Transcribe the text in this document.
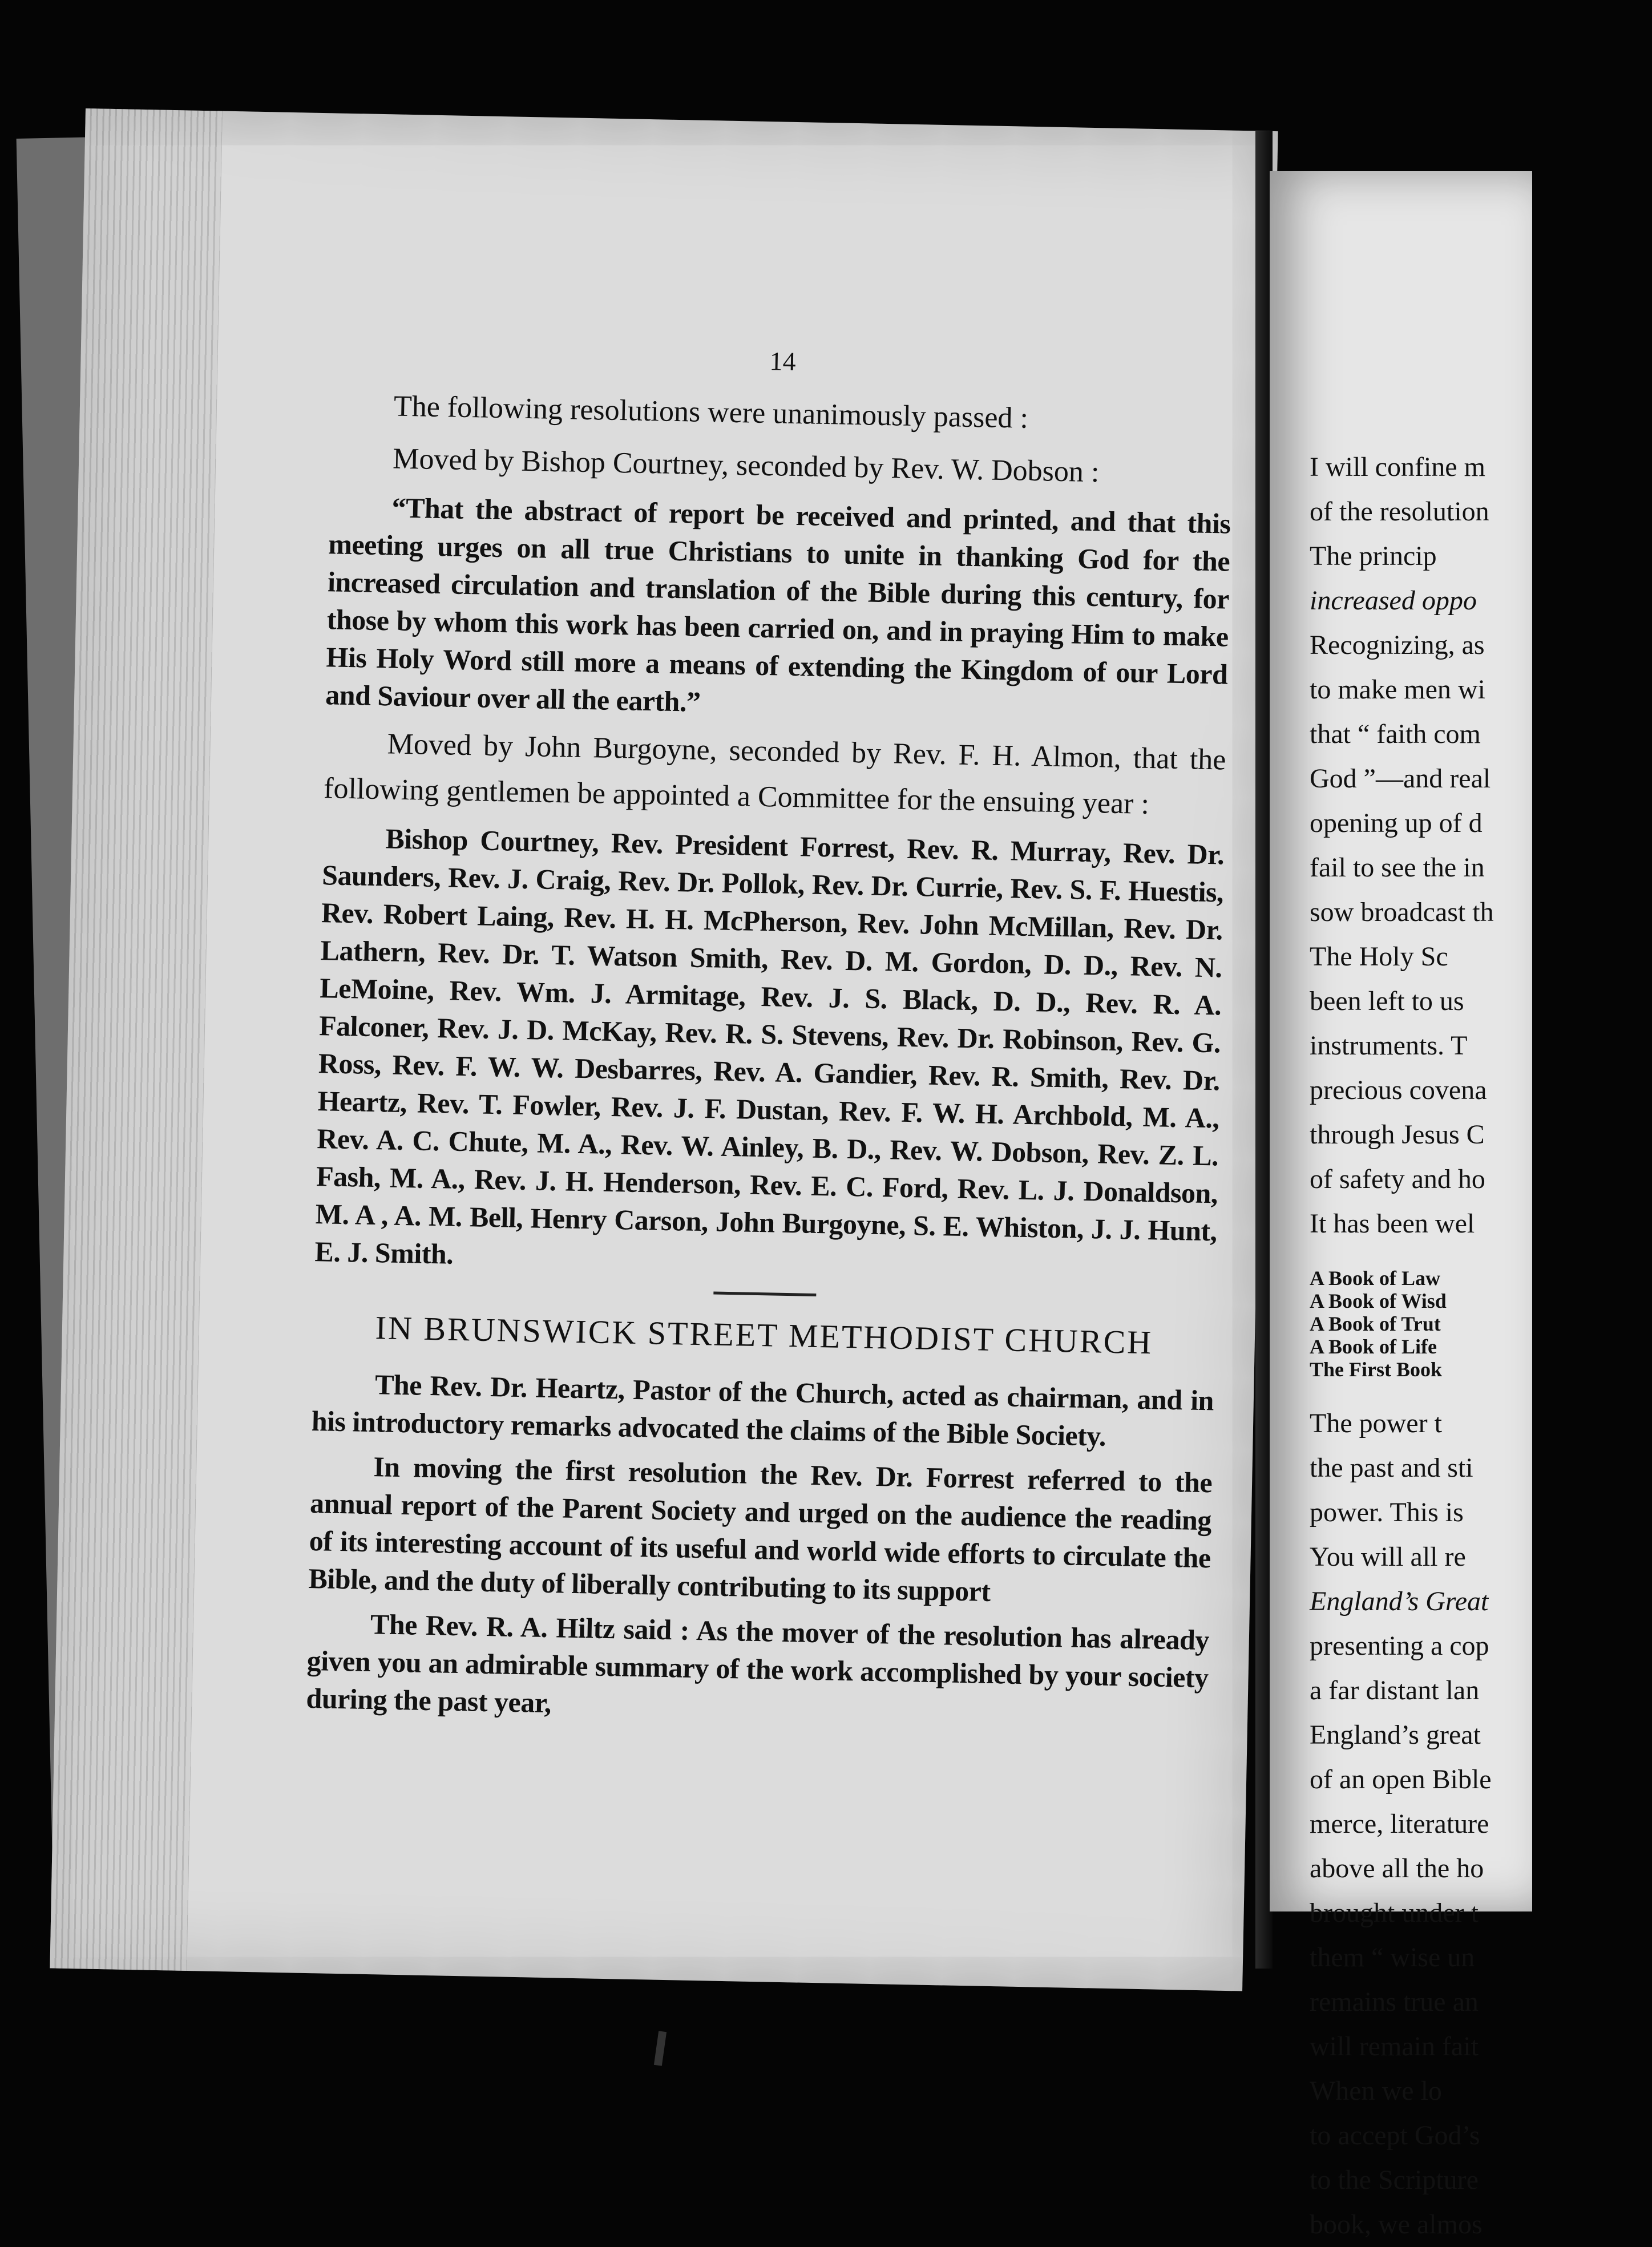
14

The following resolutions were unanimously passed :

Moved by Bishop Courtney, seconded by Rev. W. Dobson :

“That the abstract of report be received and printed, and that this meeting urges on all true Christians to unite in thanking God for the increased circulation and translation of the Bible during this century, for those by whom this work has been carried on, and in praying Him to make His Holy Word still more a means of extending the Kingdom of our Lord and Saviour over all the earth.”

Moved by John Burgoyne, seconded by Rev. F. H. Almon, that the following gentlemen be appointed a Committee for the ensuing year :

Bishop Courtney, Rev. President Forrest, Rev. R. Murray, Rev. Dr. Saunders, Rev. J. Craig, Rev. Dr. Pollok, Rev. Dr. Currie, Rev. S. F. Huestis, Rev. Robert Laing, Rev. H. H. McPherson, Rev. John McMillan, Rev. Dr. Lathern, Rev. Dr. T. Watson Smith, Rev. D. M. Gordon, D. D., Rev. N. LeMoine, Rev. Wm. J. Armitage, Rev. J. S. Black, D. D., Rev. R. A. Falconer, Rev. J. D. McKay, Rev. R. S. Stevens, Rev. Dr. Robinson, Rev. G. Ross, Rev. F. W. W. Desbarres, Rev. A. Gandier, Rev. R. Smith, Rev. Dr. Heartz, Rev. T. Fowler, Rev. J. F. Dustan, Rev. F. W. H. Archbold, M. A., Rev. A. C. Chute, M. A., Rev. W. Ainley, B. D., Rev. W. Dobson, Rev. Z. L. Fash, M. A., Rev. J. H. Henderson, Rev. E. C. Ford, Rev. L. J. Donaldson, M. A , A. M. Bell, Henry Carson, John Burgoyne, S. E. Whiston, J. J. Hunt, E. J. Smith.

IN BRUNSWICK STREET METHODIST CHURCH

The Rev. Dr. Heartz, Pastor of the Church, acted as chairman, and in his introductory remarks advocated the claims of the Bible Society.

In moving the first resolution the Rev. Dr. Forrest referred to the annual report of the Parent Society and urged on the audience the reading of its interesting account of its useful and world wide efforts to circulate the Bible, and the duty of liberally contributing to its support

The Rev. R. A. Hiltz said : As the mover of the resolution has already given you an admirable summary of the work accomplished by your society during the past year,

I will confine m
of the resolution
The princip
increased oppo
Recognizing, as
to make men wi
that “ faith com
God ”—and real
opening up of d
fail to see the in
sow broadcast th
The Holy Sc
been left to us
instruments. T
precious covena
through Jesus C
of safety and ho
It has been wel
A Book of Law
A Book of Wisd
A Book of Trut
A Book of Life
The First Book
The power t
the past and sti
power. This is
You will all re
England’s Great
presenting a cop
a far distant lan
England’s great
of an open Bible
merce, literature
above all the ho
brought under t
them “ wise un
remains true an
will remain fait
When we lo
to accept God’s
to the Scripture
book, we almos
